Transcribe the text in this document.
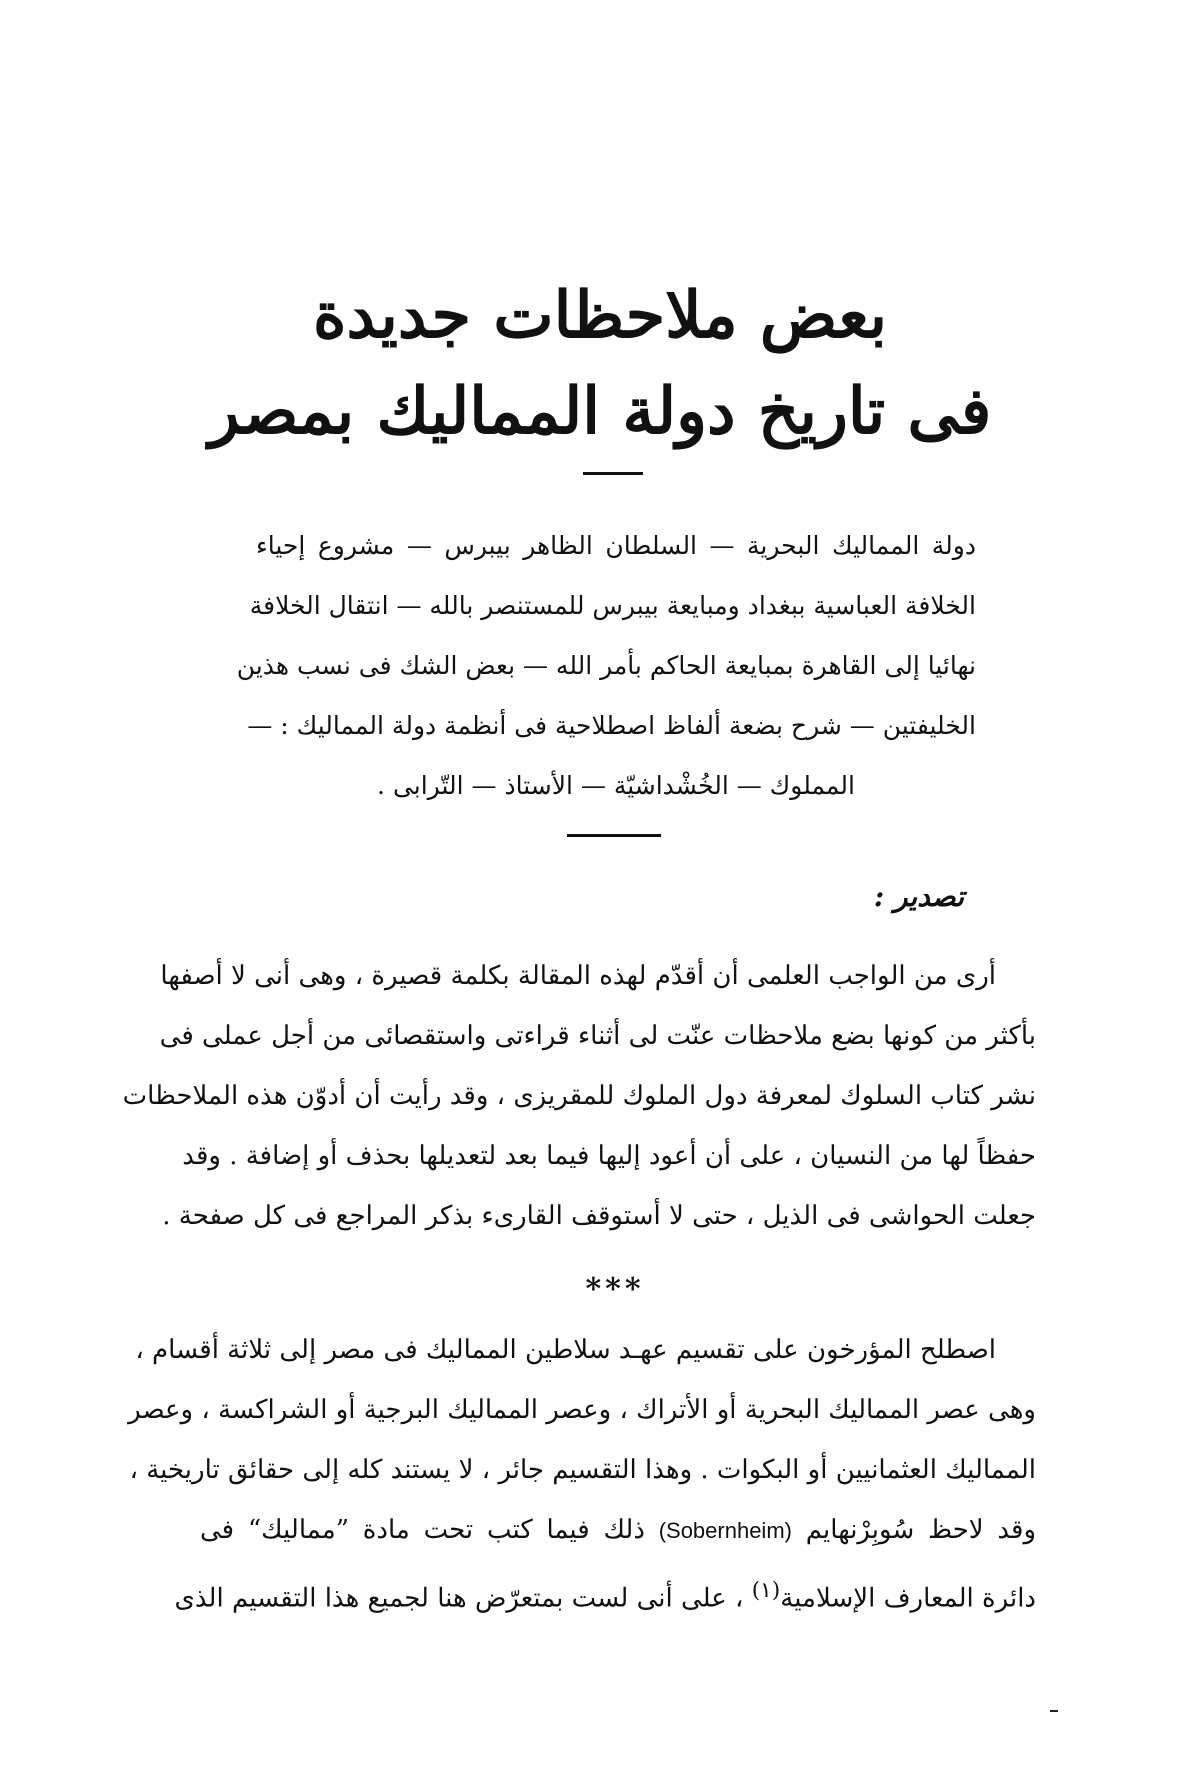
بعض ملاحظات جديدة
فى تاريخ دولة المماليك بمصر
دولة المماليك البحرية — السلطان الظاهر بيبرس — مشروع إحياء
الخلافة العباسية ببغداد ومبايعة بيبرس للمستنصر بالله — انتقال الخلافة
نهائيا إلى القاهرة بمبايعة الحاكم بأمر الله — بعض الشك فى نسب هذين
الخليفتين — شرح بضعة ألفاظ اصطلاحية فى أنظمة دولة المماليك : —
المملوك — الخُشْداشيّة — الأستاذ — التّرابى .
تصدير :
أرى من الواجب العلمى أن أقدّم لهذه المقالة بكلمة قصيرة ، وهى أنى لا أصفها
بأكثر من كونها بضع ملاحظات عنّت لى أثناء قراءتى واستقصائى من أجل عملى فى
نشر كتاب السلوك لمعرفة دول الملوك للمقريزى ، وقد رأيت أن أدوّن هذه الملاحظات
حفظاً لها من النسيان ، على أن أعود إليها فيما بعد لتعديلها بحذف أو إضافة . وقد
جعلت الحواشى فى الذيل ، حتى لا أستوقف القارىء بذكر المراجع فى كل صفحة .
***
اصطلح المؤرخون على تقسيم عهـد سلاطين المماليك فى مصر إلى ثلاثة أقسام ،
وهى عصر المماليك البحرية أو الأتراك ، وعصر المماليك البرجية أو الشراكسة ، وعصر
المماليك العثمانيين أو البكوات . وهذا التقسيم جائر ، لا يستند كله إلى حقائق تاريخية ،
وقد لاحظ سُوبِرْنهايم (Sobernheim) ذلك فيما كتب تحت مادة ”مماليك“ فى
دائرة المعارف الإسلامية$^{(١)}$ ، على أنى لست بمتعرّض هنا لجميع هذا التقسيم الذى
